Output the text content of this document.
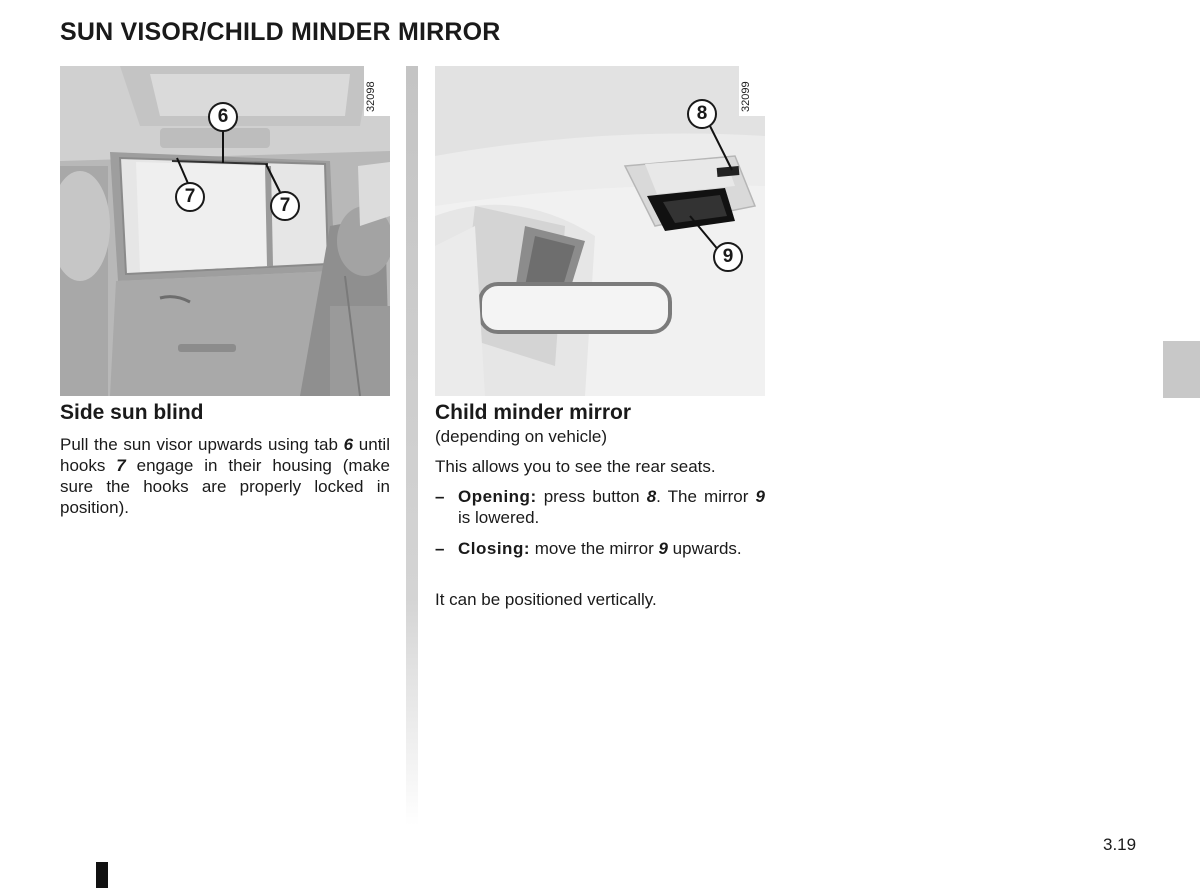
SUN VISOR/CHILD MINDER MIRROR
32098
6
7	7
32099
8
9
Side sun blind

Pull the sun visor upwards using tab 6 until hooks 7 engage in their housing (make sure the hooks are properly locked in position).

Child minder mirror
(depending on vehicle)

This allows you to see the rear seats.

– Opening: press button 8. The mirror 9 is lowered.
– Closing: move the mirror 9 upwards.

It can be positioned vertically.

3.19
